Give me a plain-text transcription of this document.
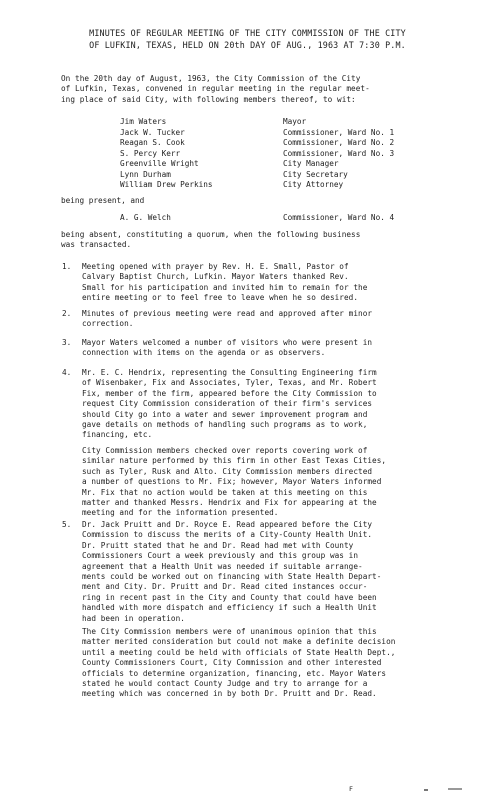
MINUTES OF REGULAR MEETING OF THE CITY COMMISSION OF THE CITY
OF LUFKIN, TEXAS, HELD ON 20th DAY OF AUG., 1963 AT 7:30 P.M.

On the 20th day of August, 1963, the City Commission of the City
of Lufkin, Texas, convened in regular meeting in the regular meet-
ing place of said City, with following members thereof, to wit:

Jim Waters	Mayor
Jack W. Tucker	Commissioner, Ward No. 1
Reagan S. Cook	Commissioner, Ward No. 2
S. Percy Kerr	Commissioner, Ward No. 3
Greenville Wright	City Manager
Lynn Durham	City Secretary
William Drew Perkins	City Attorney
being present, and
A. G. Welch	Commissioner, Ward No. 4

being absent, constituting a quorum, when the following business
was transacted.

1. Meeting opened with prayer by Rev. H. E. Small, Pastor of
Calvary Baptist Church, Lufkin. Mayor Waters thanked Rev.
Small for his participation and invited him to remain for the
entire meeting or to feel free to leave when he so desired.

2. Minutes of previous meeting were read and approved after minor
correction.

3. Mayor Waters welcomed a number of visitors who were present in
connection with items on the agenda or as observers.

4. Mr. E. C. Hendrix, representing the Consulting Engineering firm
of Wisenbaker, Fix and Associates, Tyler, Texas, and Mr. Robert
Fix, member of the firm, appeared before the City Commission to
request City Commission consideration of their firm's services
should City go into a water and sewer improvement program and
gave details on methods of handling such programs as to work,
financing, etc.

City Commission members checked over reports covering work of
similar nature performed by this firm in other East Texas Cities,
such as Tyler, Rusk and Alto. City Commission members directed
a number of questions to Mr. Fix; however, Mayor Waters informed
Mr. Fix that no action would be taken at this meeting on this
matter and thanked Messrs. Hendrix and Fix for appearing at the
meeting and for the information presented.

5. Dr. Jack Pruitt and Dr. Royce E. Read appeared before the City
Commission to discuss the merits of a City-County Health Unit.
Dr. Pruitt stated that he and Dr. Read had met with County
Commissioners Court a week previously and this group was in
agreement that a Health Unit was needed if suitable arrange-
ments could be worked out on financing with State Health Depart-
ment and City. Dr. Pruitt and Dr. Read cited instances occur-
ring in recent past in the City and County that could have been
handled with more dispatch and efficiency if such a Health Unit
had been in operation.

The City Commission members were of unanimous opinion that this
matter merited consideration but could not make a definite decision
until a meeting could be held with officials of State Health Dept.,
County Commissioners Court, City Commission and other interested
officials to determine organization, financing, etc. Mayor Waters
stated he would contact County Judge and try to arrange for a
meeting which was concerned in by both Dr. Pruitt and Dr. Read.

F
